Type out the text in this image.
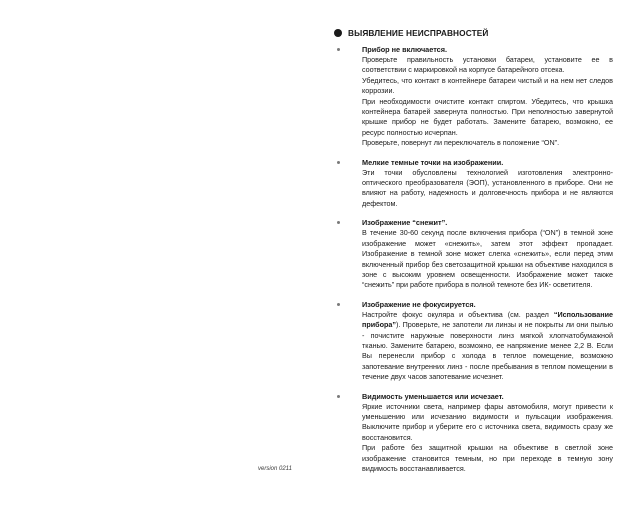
ВЫЯВЛЕНИЕ НЕИСПРАВНОСТЕЙ
Прибор не включается.

Проверьте правильность установки батареи, установите ее в соответствии с маркировкой на корпусе батарейного отсека.

Убедитесь, что контакт в контейнере батареи чистый и на нем нет следов коррозии.

При необходимости очистите контакт спиртом. Убедитесь, что крышка контейнера батарей завернута полностью. При неполностью завернутой крышке прибор не будет работать. Замените батарею, возможно, ее ресурс полностью исчерпан.

Проверьте, повернут ли переключатель в положение “ON”.

Мелкие темные точки на изображении.

Эти точки обусловлены технологией изготовления электронно-оптического преобразователя (ЭОП), установленного в приборе. Они не влияют на работу, надежность и долговечность прибора и не являются дефектом.

Изображение “снежит”.

В течение 30-60 секунд после включения прибора (“ON”) в темной зоне изображение может «снежить», затем этот эффект пропадает. Изображение в темной зоне может слегка «снежить», если перед этим включенный прибор без светозащитной крышки на объективе находился в зоне с высоким уровнем освещенности. Изображение может также “снежить” при работе прибора в полной темноте без ИК- осветителя.

Изображение не фокусируется.

Настройте фокус окуляра и объектива (см. раздел “Использование прибора”). Проверьте, не запотели ли линзы и не покрыты ли они пылью - почистите наружные поверхности линз мягкой хлопчатобумажной тканью. Замените батарею, возможно, ее напряжение менее 2,2 В. Если Вы перенесли прибор с холода в теплое помещение, возможно запотевание внутренних линз - после пребывания в теплом помещении в течение двух часов запотевание исчезнет.

Видимость уменьшается или исчезает.

Яркие источники света, например фары автомобиля, могут привести к уменьшению или исчезанию видимости и пульсации изображения. Выключите прибор и уберите его с источника света, видимость сразу же восстановится.

При работе без защитной крышки на объективе в светлой зоне изображение становится темным, но при переходе в темную зону видимость восстанавливается.

version 0211
